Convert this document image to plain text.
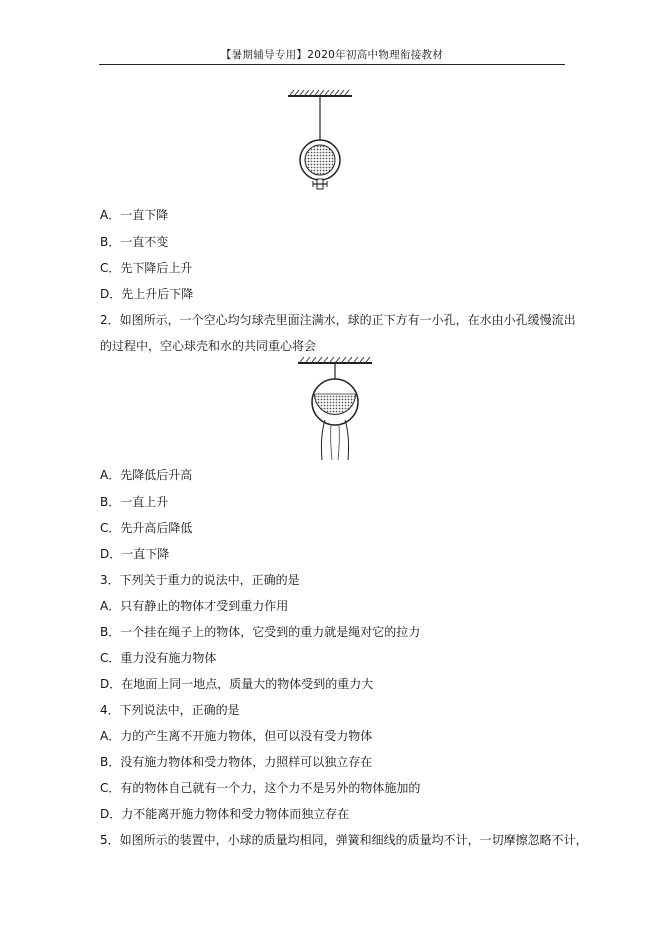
【暑期辅导专用】2020年初高中物理衔接教材
A．一直下降
B．一直不变
C．先下降后上升
D．先上升后下降
2．如图所示，一个空心均匀球壳里面注满水，球的正下方有一小孔，在水由小孔缓慢流出
的过程中，空心球壳和水的共同重心将会
A．先降低后升高
B．一直上升
C．先升高后降低
D．一直下降
3．下列关于重力的说法中，正确的是
A．只有静止的物体才受到重力作用
B．一个挂在绳子上的物体，它受到的重力就是绳对它的拉力
C．重力没有施力物体
D．在地面上同一地点，质量大的物体受到的重力大
4．下列说法中，正确的是
A．力的产生离不开施力物体，但可以没有受力物体
B．没有施力物体和受力物体，力照样可以独立存在
C．有的物体自己就有一个力，这个力不是另外的物体施加的
D．力不能离开施力物体和受力物体而独立存在
5．如图所示的装置中，小球的质量均相同，弹簧和细线的质量均不计，一切摩擦忽略不计，
